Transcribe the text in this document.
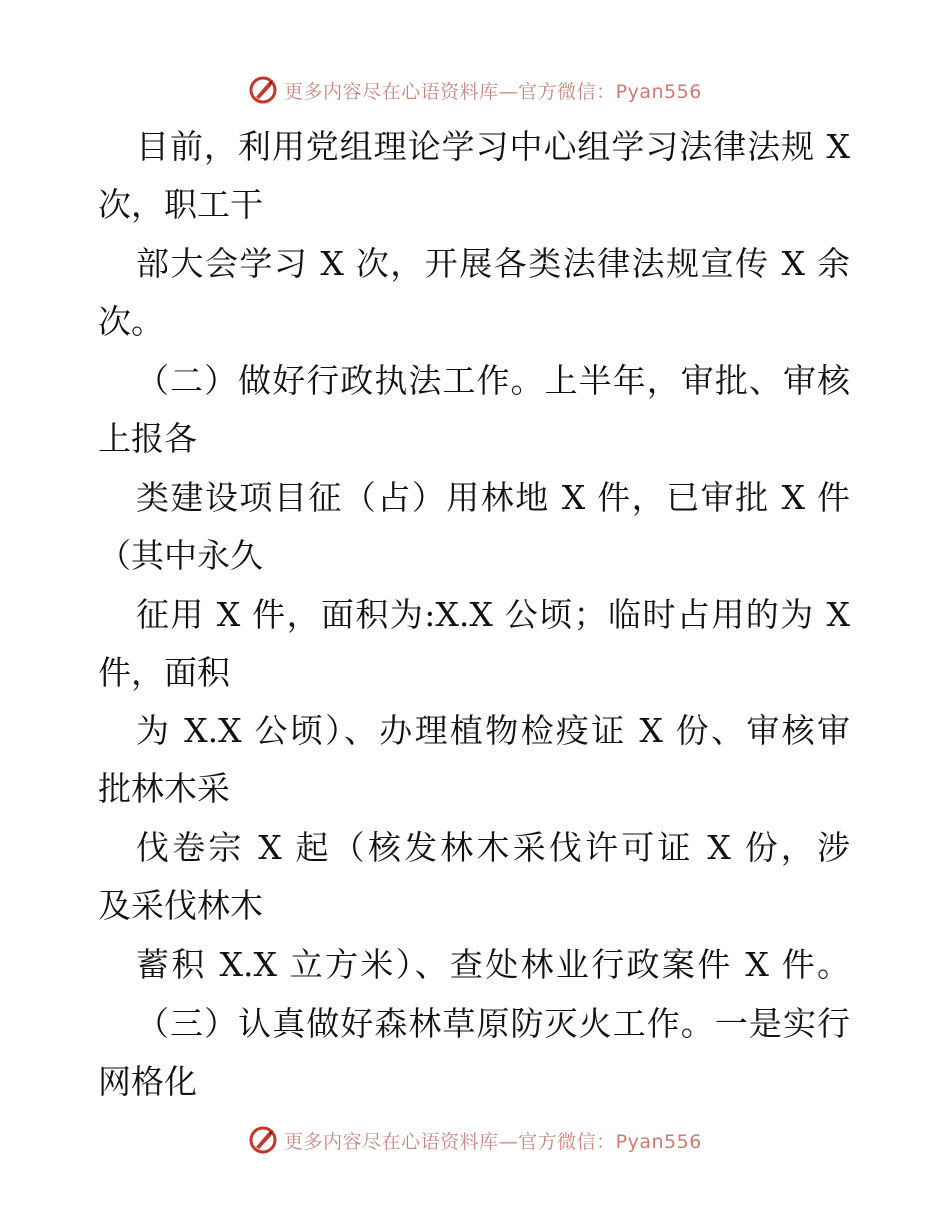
更多内容尽在心语资料库—官方微信：Pyan556
目前，利用党组理论学习中心组学习法律法规 X
次，职工干
部大会学习 X 次，开展各类法律法规宣传 X 余
次。
（二）做好行政执法工作。上半年，审批、审核
上报各
类建设项目征（占）用林地 X 件，已审批 X 件
（其中永久
征用 X 件，面积为:X.X 公顷；临时占用的为 X
件，面积
为 X.X 公顷）、办理植物检疫证 X 份、审核审
批林木采
伐卷宗 X 起（核发林木采伐许可证 X 份，涉
及采伐林木
蓄积 X.X 立方米）、查处林业行政案件 X 件。
（三）认真做好森林草原防灭火工作。一是实行
网格化
更多内容尽在心语资料库—官方微信：Pyan556
